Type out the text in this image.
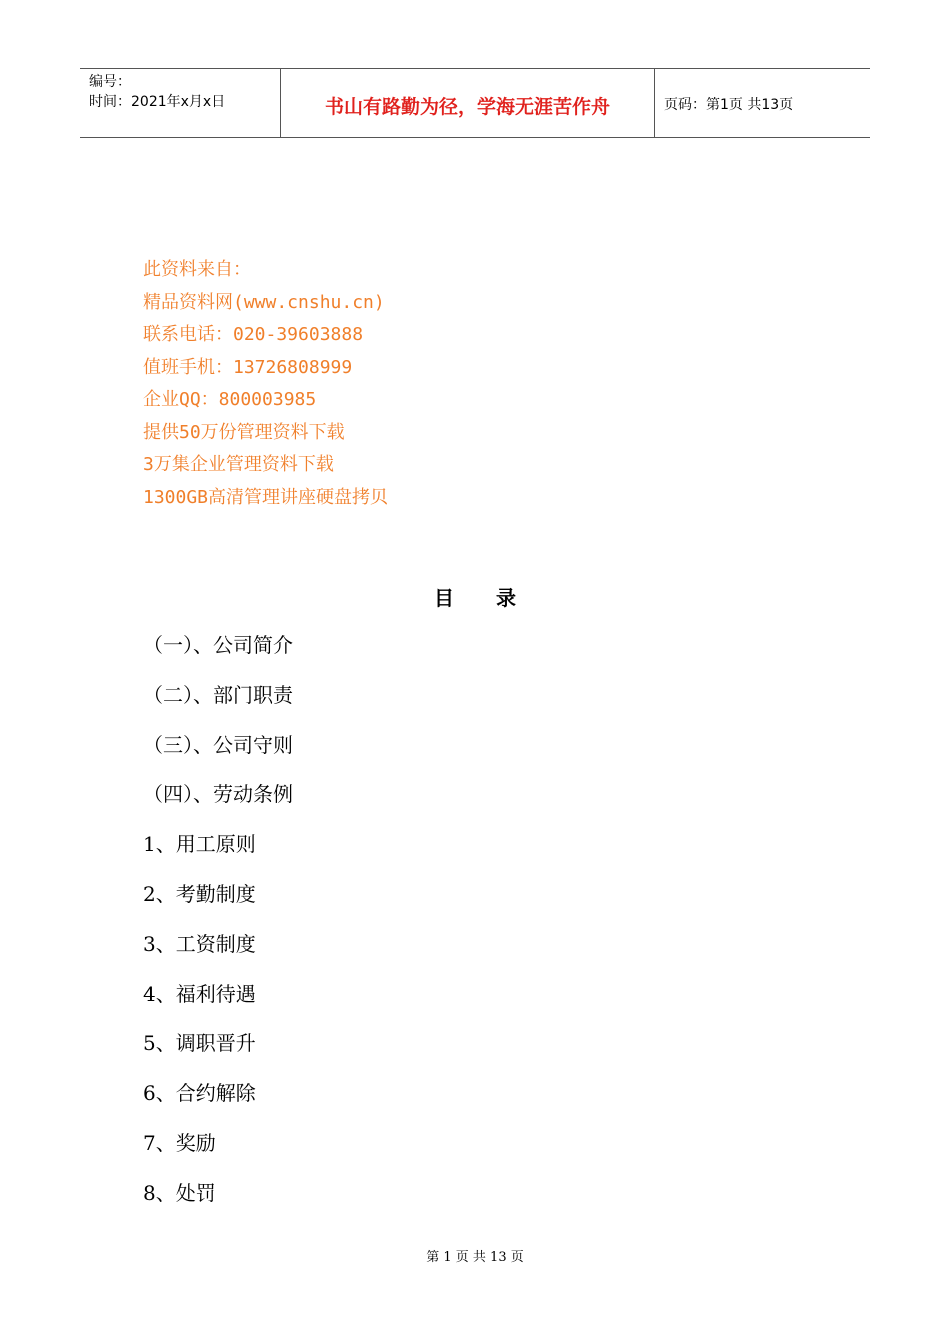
编号：
时间：2021年x月x日	书山有路勤为径，学海无涯苦作舟	页码：第1页 共13页
此资料来自：
精品资料网(www.cnshu.cn)
联系电话：020-39603888
值班手机：13726808999
企业QQ：800003985
提供50万份管理资料下载
3万集企业管理资料下载
1300GB高清管理讲座硬盘拷贝
目 录
（一）、公司简介
（二）、部门职责
（三）、公司守则
（四）、劳动条例
1、用工原则
2、考勤制度
3、工资制度
4、福利待遇
5、调职晋升
6、合约解除
7、奖励
8、处罚
第 1 页 共 13 页
